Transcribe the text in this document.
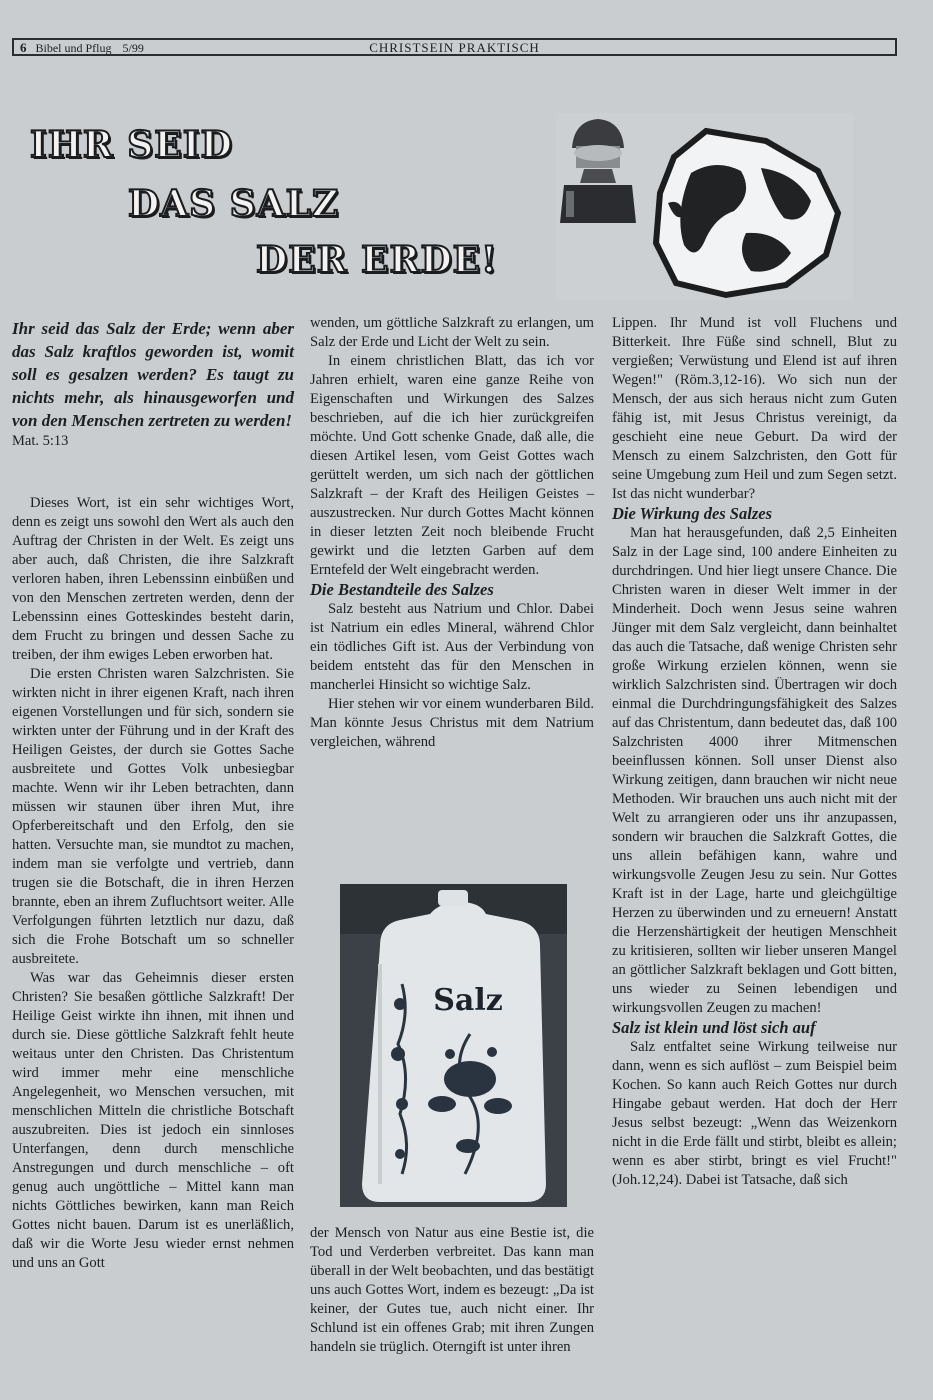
6 Bibel und Pflug 5/99	CHRISTSEIN PRAKTISCH
IHR SEID
DAS SALZ
DER ERDE!
Ihr seid das Salz der Erde; wenn aber das Salz kraftlos geworden ist, womit soll es gesalzen werden? Es taugt zu nichts mehr, als hinausgeworfen und von den Menschen zertreten zu werden!
Mat. 5:13

Dieses Wort, ist ein sehr wichtiges Wort, denn es zeigt uns sowohl den Wert als auch den Auftrag der Christen in der Welt. Es zeigt uns aber auch, daß Christen, die ihre Salzkraft verloren haben, ihren Lebenssinn einbüßen und von den Menschen zertreten werden, denn der Lebenssinn eines Gotteskindes besteht darin, dem Frucht zu bringen und dessen Sache zu treiben, der ihm ewiges Leben erworben hat.

Die ersten Christen waren Salzchristen. Sie wirkten nicht in ihrer eigenen Kraft, nach ihren eigenen Vorstellungen und für sich, sondern sie wirkten unter der Führung und in der Kraft des Heiligen Geistes, der durch sie Gottes Sache ausbreitete und Gottes Volk unbesiegbar machte. Wenn wir ihr Leben betrachten, dann müssen wir staunen über ihren Mut, ihre Opferbereitschaft und den Erfolg, den sie hatten. Versuchte man, sie mundtot zu machen, indem man sie verfolgte und vertrieb, dann trugen sie die Botschaft, die in ihren Herzen brannte, eben an ihrem Zufluchtsort weiter. Alle Verfolgungen führten letztlich nur dazu, daß sich die Frohe Botschaft um so schneller ausbreitete.

Was war das Geheimnis dieser ersten Christen? Sie besaßen göttliche Salzkraft! Der Heilige Geist wirkte ihn ihnen, mit ihnen und durch sie. Diese göttliche Salzkraft fehlt heute weitaus unter den Christen. Das Christentum wird immer mehr eine menschliche Angelegenheit, wo Menschen versuchen, mit menschlichen Mitteln die christliche Botschaft auszubreiten. Dies ist jedoch ein sinnloses Unterfangen, denn durch menschliche Anstregungen und durch menschliche – oft genug auch ungöttliche – Mittel kann man nichts Göttliches bewirken, kann man Reich Gottes nicht bauen. Darum ist es unerläßlich, daß wir die Worte Jesu wieder ernst nehmen und uns an Gott

wenden, um göttliche Salzkraft zu erlangen, um Salz der Erde und Licht der Welt zu sein.

In einem christlichen Blatt, das ich vor Jahren erhielt, waren eine ganze Reihe von Eigenschaften und Wirkungen des Salzes beschrieben, auf die ich hier zurückgreifen möchte. Und Gott schenke Gnade, daß alle, die diesen Artikel lesen, vom Geist Gottes wach gerüttelt werden, um sich nach der göttlichen Salzkraft – der Kraft des Heiligen Geistes – auszustrecken. Nur durch Gottes Macht können in dieser letzten Zeit noch bleibende Frucht gewirkt und die letzten Garben auf dem Erntefeld der Welt eingebracht werden.

Die Bestandteile des Salzes

Salz besteht aus Natrium und Chlor. Dabei ist Natrium ein edles Mineral, während Chlor ein tödliches Gift ist. Aus der Verbindung von beidem entsteht das für den Menschen in mancherlei Hinsicht so wichtige Salz.

Hier stehen wir vor einem wunderbaren Bild. Man könnte Jesus Christus mit dem Natrium vergleichen, während

Salz

der Mensch von Natur aus eine Bestie ist, die Tod und Verderben verbreitet. Das kann man überall in der Welt beobachten, und das bestätigt uns auch Gottes Wort, indem es bezeugt: „Da ist keiner, der Gutes tue, auch nicht einer. Ihr Schlund ist ein offenes Grab; mit ihren Zungen handeln sie trüglich. Oterngift ist unter ihren

Lippen. Ihr Mund ist voll Fluchens und Bitterkeit. Ihre Füße sind schnell, Blut zu vergießen; Verwüstung und Elend ist auf ihren Wegen!" (Röm.3,12-16). Wo sich nun der Mensch, der aus sich heraus nicht zum Guten fähig ist, mit Jesus Christus vereinigt, da geschieht eine neue Geburt. Da wird der Mensch zu einem Salzchristen, den Gott für seine Umgebung zum Heil und zum Segen setzt. Ist das nicht wunderbar?

Die Wirkung des Salzes

Man hat herausgefunden, daß 2,5 Einheiten Salz in der Lage sind, 100 andere Einheiten zu durchdringen. Und hier liegt unsere Chance. Die Christen waren in dieser Welt immer in der Minderheit. Doch wenn Jesus seine wahren Jünger mit dem Salz vergleicht, dann beinhaltet das auch die Tatsache, daß wenige Christen sehr große Wirkung erzielen können, wenn sie wirklich Salzchristen sind. Übertragen wir doch einmal die Durchdringungsfähigkeit des Salzes auf das Christentum, dann bedeutet das, daß 100 Salzchristen 4000 ihrer Mitmenschen beeinflussen können. Soll unser Dienst also Wirkung zeitigen, dann brauchen wir nicht neue Methoden. Wir brauchen uns auch nicht mit der Welt zu arrangieren oder uns ihr anzupassen, sondern wir brauchen die Salzkraft Gottes, die uns allein befähigen kann, wahre und wirkungsvolle Zeugen Jesu zu sein. Nur Gottes Kraft ist in der Lage, harte und gleichgültige Herzen zu überwinden und zu erneuern! Anstatt die Herzenshärtigkeit der heutigen Menschheit zu kritisieren, sollten wir lieber unseren Mangel an göttlicher Salzkraft beklagen und Gott bitten, uns wieder zu Seinen lebendigen und wirkungsvollen Zeugen zu machen!

Salz ist klein und löst sich auf

Salz entfaltet seine Wirkung teilweise nur dann, wenn es sich auflöst – zum Beispiel beim Kochen. So kann auch Reich Gottes nur durch Hingabe gebaut werden. Hat doch der Herr Jesus selbst bezeugt: „Wenn das Weizenkorn nicht in die Erde fällt und stirbt, bleibt es allein; wenn es aber stirbt, bringt es viel Frucht!" (Joh.12,24). Dabei ist Tatsache, daß sich
